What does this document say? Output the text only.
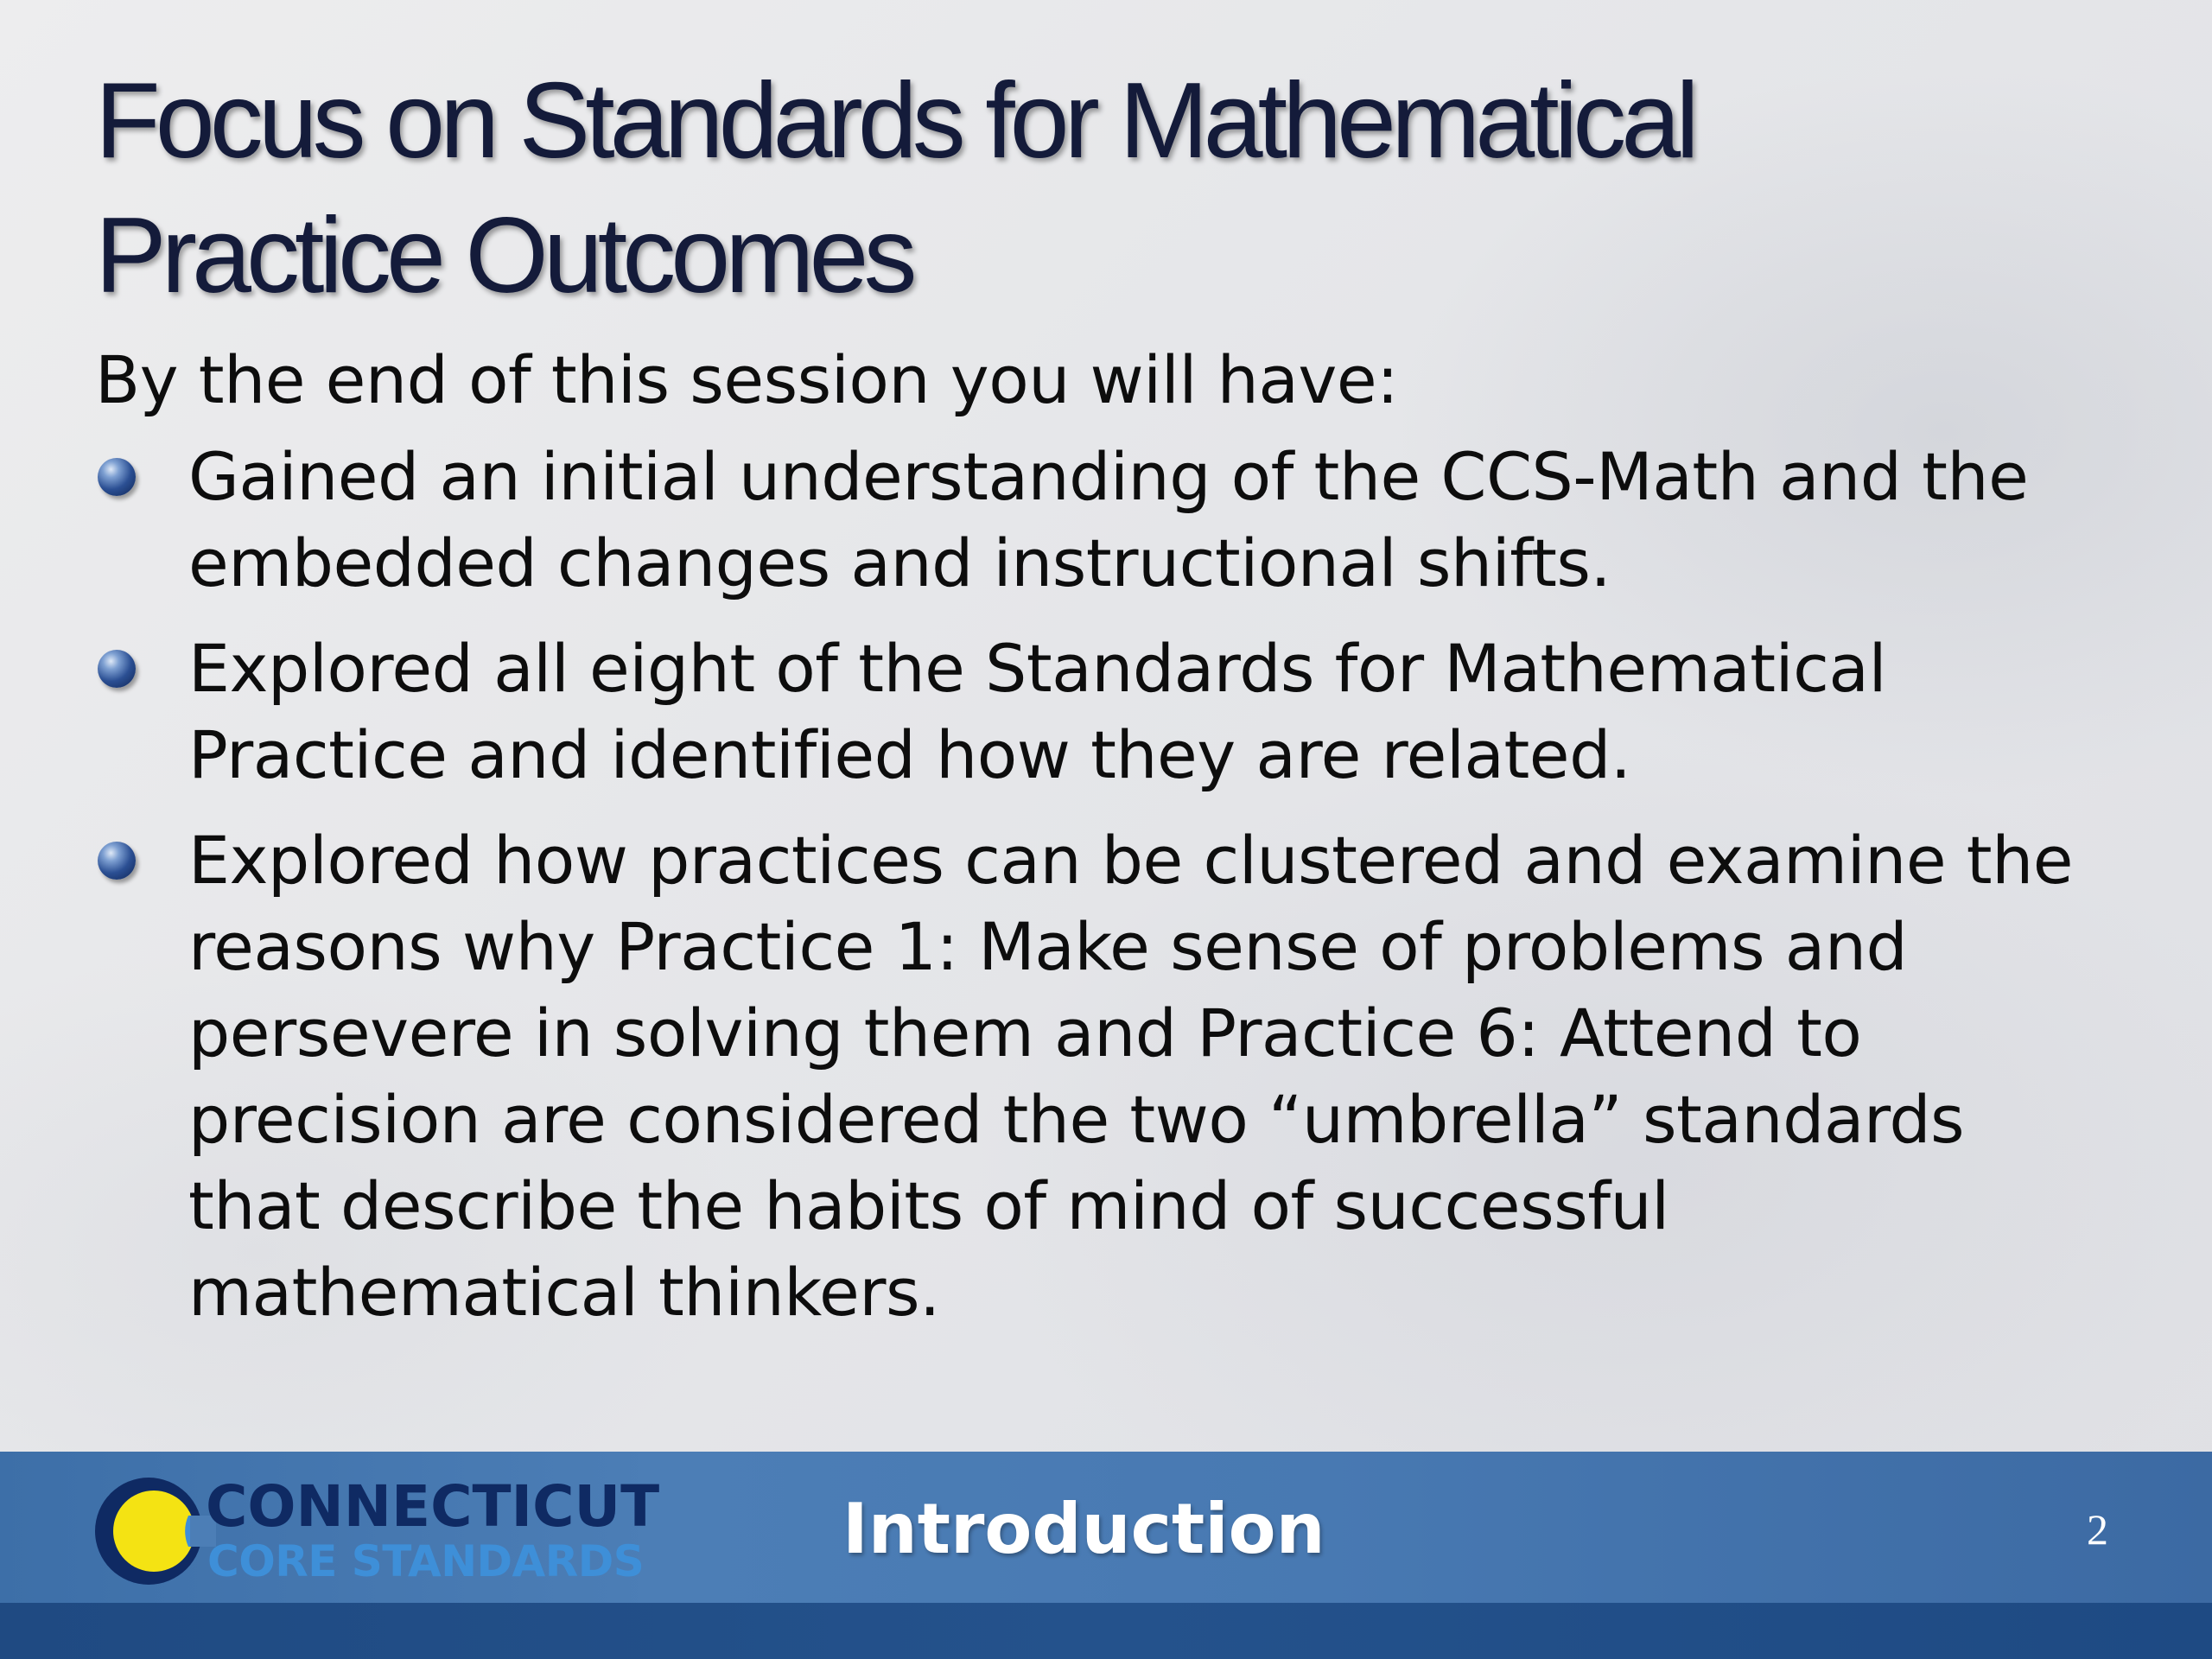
Focus on Standards for Mathematical
Practice Outcomes

By the end of this session you will have:

Gained an initial understanding of the CCS-Math and the embedded changes and instructional shifts.
Explored all eight of the Standards for Mathematical Practice and identified how they are related.
Explored how practices can be clustered and examine the reasons why Practice 1: Make sense of problems and persevere in solving them and Practice 6: Attend to precision are considered the two “umbrella” standards that describe the habits of mind of successful mathematical thinkers.
CONNECTICUT
CORE STANDARDS	Introduction	2
